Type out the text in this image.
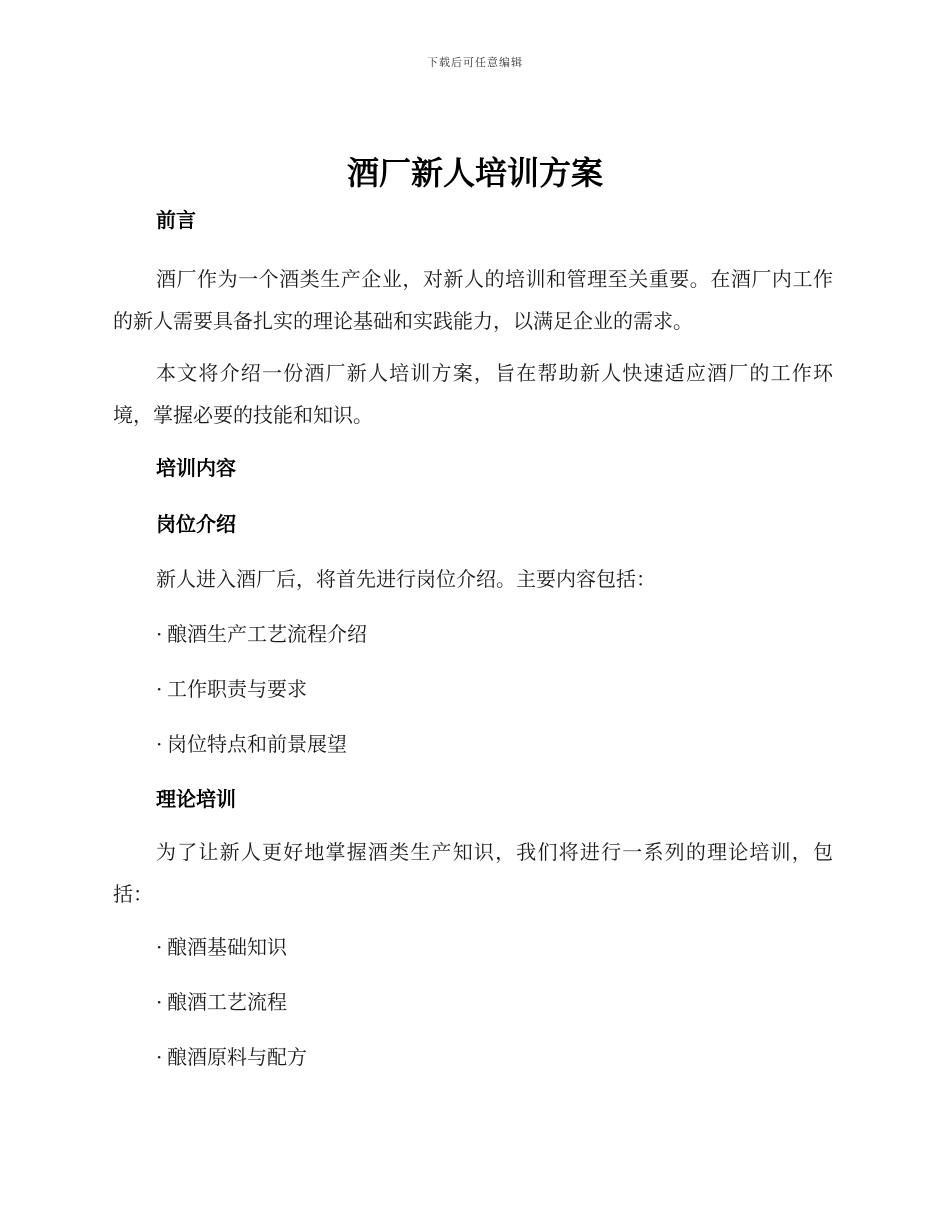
下载后可任意编辑
酒厂新人培训方案
前言

酒厂作为一个酒类生产企业，对新人的培训和管理至关重要。在酒厂内工作的新人需要具备扎实的理论基础和实践能力，以满足企业的需求。

本文将介绍一份酒厂新人培训方案，旨在帮助新人快速适应酒厂的工作环境，掌握必要的技能和知识。

培训内容
岗位介绍

新人进入酒厂后，将首先进行岗位介绍。主要内容包括：

· 酿酒生产工艺流程介绍
· 工作职责与要求
· 岗位特点和前景展望
理论培训

为了让新人更好地掌握酒类生产知识，我们将进行一系列的理论培训，包括：

· 酿酒基础知识
· 酿酒工艺流程
· 酿酒原料与配方
